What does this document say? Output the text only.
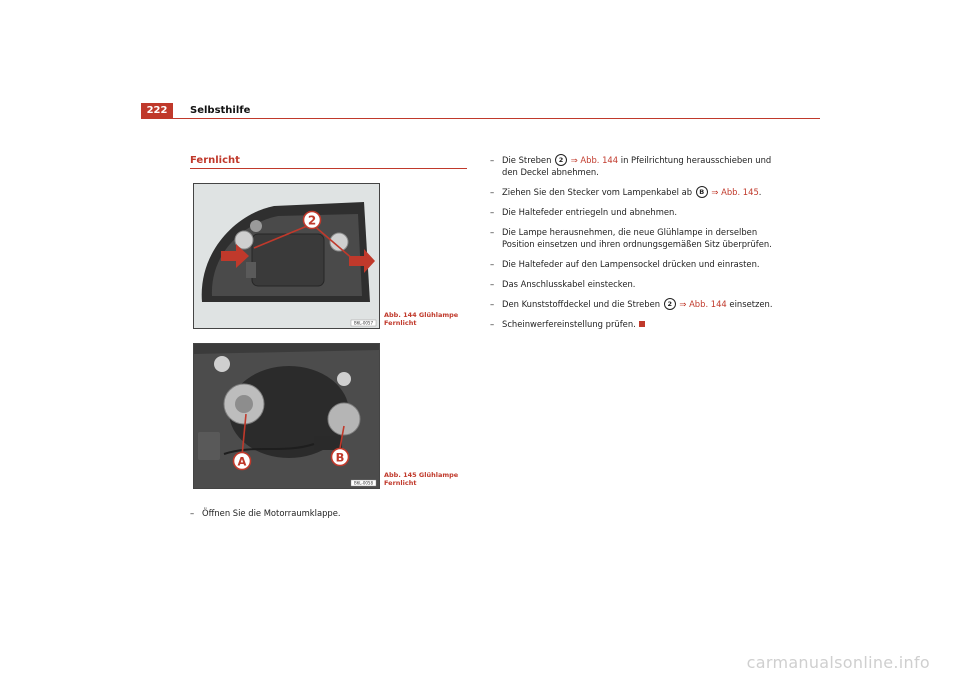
222	Selbsthilfe
Fernlicht
2
B6L-0057
Abb. 144 Glühlampe
Fernlicht
A	B
B6L-0058
Abb. 145 Glühlampe
Fernlicht
– Öffnen Sie die Motorraumklappe.
– Die Streben 2 ⇒ Abb. 144 in Pfeilrichtung herausschieben und den Deckel abnehmen.
– Ziehen Sie den Stecker vom Lampenkabel ab B ⇒ Abb. 145.
– Die Haltefeder entriegeln und abnehmen.
– Die Lampe herausnehmen, die neue Glühlampe in derselben Position einsetzen und ihren ordnungsgemäßen Sitz überprüfen.
– Die Haltefeder auf den Lampensockel drücken und einrasten.
– Das Anschlusskabel einstecken.
– Den Kunststoffdeckel und die Streben 2 ⇒ Abb. 144 einsetzen.
– Scheinwerfereinstellung prüfen.
carmanualsonline.info
